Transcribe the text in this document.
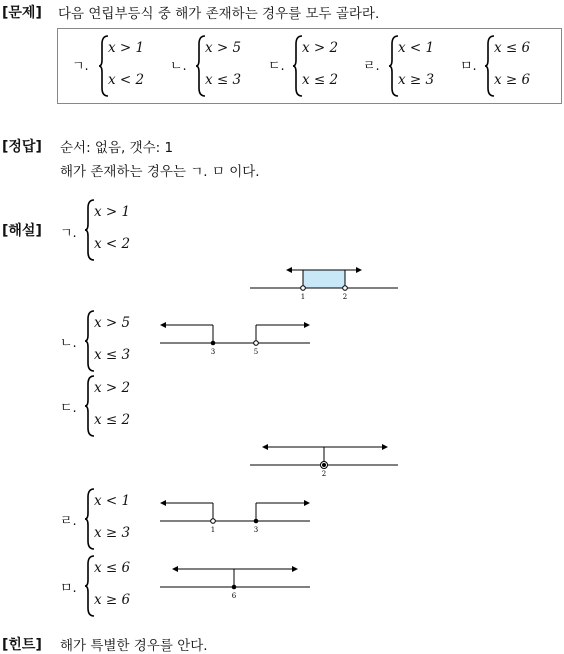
[문제] 다음 연립부등식 중 해가 존재하는 경우를 모두 골라라.
ㄱ.
x > 1
x < 2
ㄴ.
x > 5
x ≤ 3
ㄷ.
x > 2
x ≤ 2
ㄹ.
x < 1
x ≥ 3
ㅁ.
x ≤ 6
x ≥ 6
[정답] 순서: 없음, 갯수: 1
해가 존재하는 경우는 ㄱ. ㅁ 이다.
[해설] ㄱ.
x > 1
x < 2
1	2
ㄴ.
x > 5
x ≤ 3	3	5
ㄷ.
x > 2
x ≤ 2
2
ㄹ.
x < 1
x ≥ 3	1	3
ㅁ.
x ≤ 6
x ≥ 6	6
[힌트] 해가 특별한 경우를 안다.
